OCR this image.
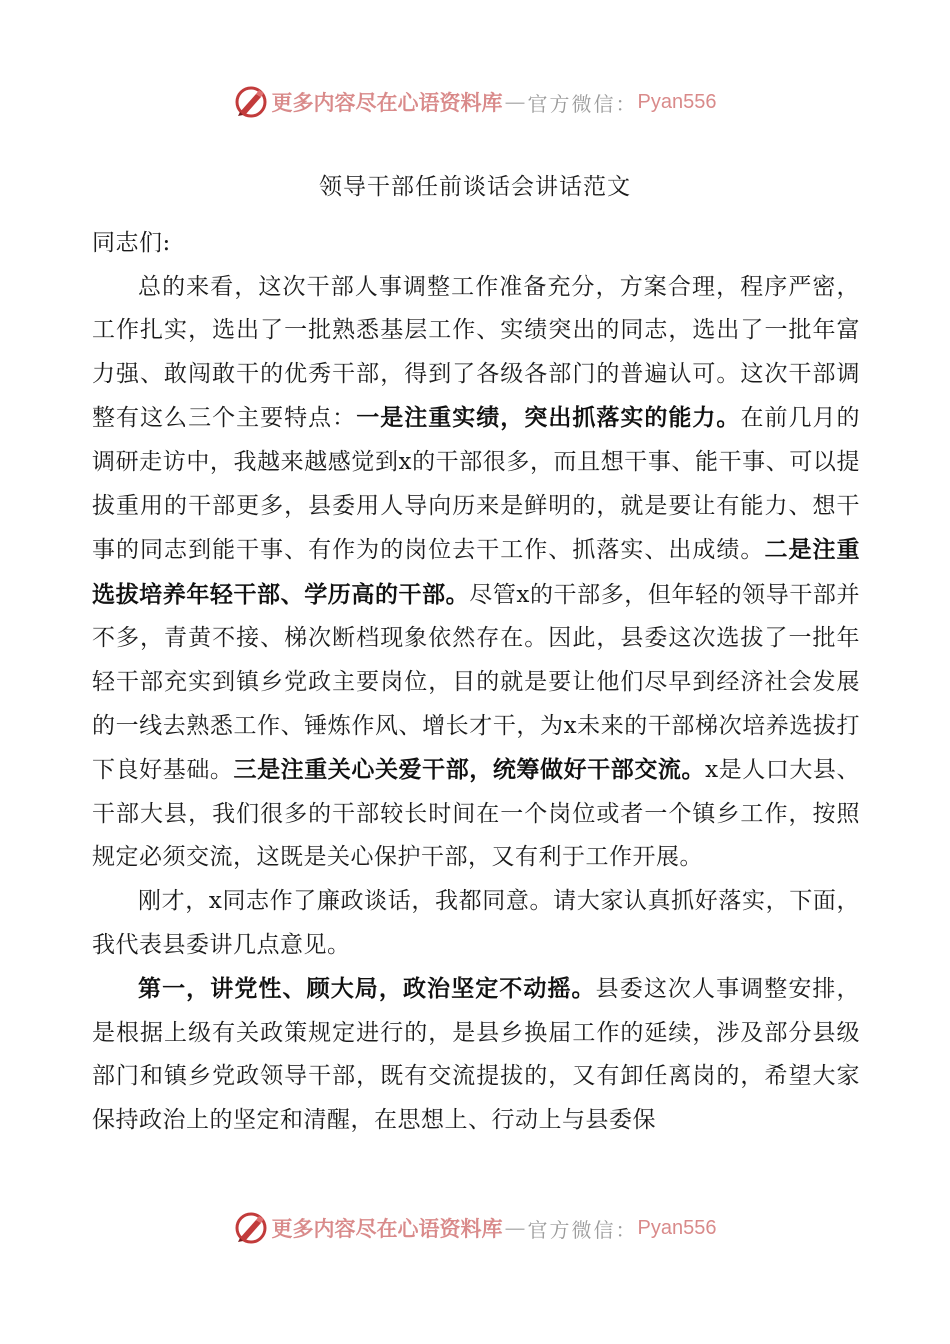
更多内容尽在心语资料库 — 官方微信： Pyan556
领导干部任前谈话会讲话范文

同志们:

总的来看，这次干部人事调整工作准备充分，方案合理，程序严密，工作扎实，选出了一批熟悉基层工作、实绩突出的同志，选出了一批年富力强、敢闯敢干的优秀干部，得到了各级各部门的普遍认可。这次干部调整有这么三个主要特点：一是注重实绩，突出抓落实的能力。在前几月的调研走访中，我越来越感觉到x的干部很多，而且想干事、能干事、可以提拔重用的干部更多，县委用人导向历来是鲜明的，就是要让有能力、想干事的同志到能干事、有作为的岗位去干工作、抓落实、出成绩。二是注重选拔培养年轻干部、学历高的干部。尽管x的干部多，但年轻的领导干部并不多，青黄不接、梯次断档现象依然存在。因此，县委这次选拔了一批年轻干部充实到镇乡党政主要岗位，目的就是要让他们尽早到经济社会发展的一线去熟悉工作、锤炼作风、增长才干，为x未来的干部梯次培养选拔打下良好基础。三是注重关心关爱干部，统筹做好干部交流。x是人口大县、干部大县，我们很多的干部较长时间在一个岗位或者一个镇乡工作，按照规定必须交流，这既是关心保护干部，又有利于工作开展。

刚才，x同志作了廉政谈话，我都同意。请大家认真抓好落实，下面，我代表县委讲几点意见。

第一，讲党性、顾大局，政治坚定不动摇。县委这次人事调整安排，是根据上级有关政策规定进行的，是县乡换届工作的延续，涉及部分县级部门和镇乡党政领导干部，既有交流提拔的，又有卸任离岗的，希望大家保持政治上的坚定和清醒，在思想上、行动上与县委保

更多内容尽在心语资料库 — 官方微信： Pyan556
